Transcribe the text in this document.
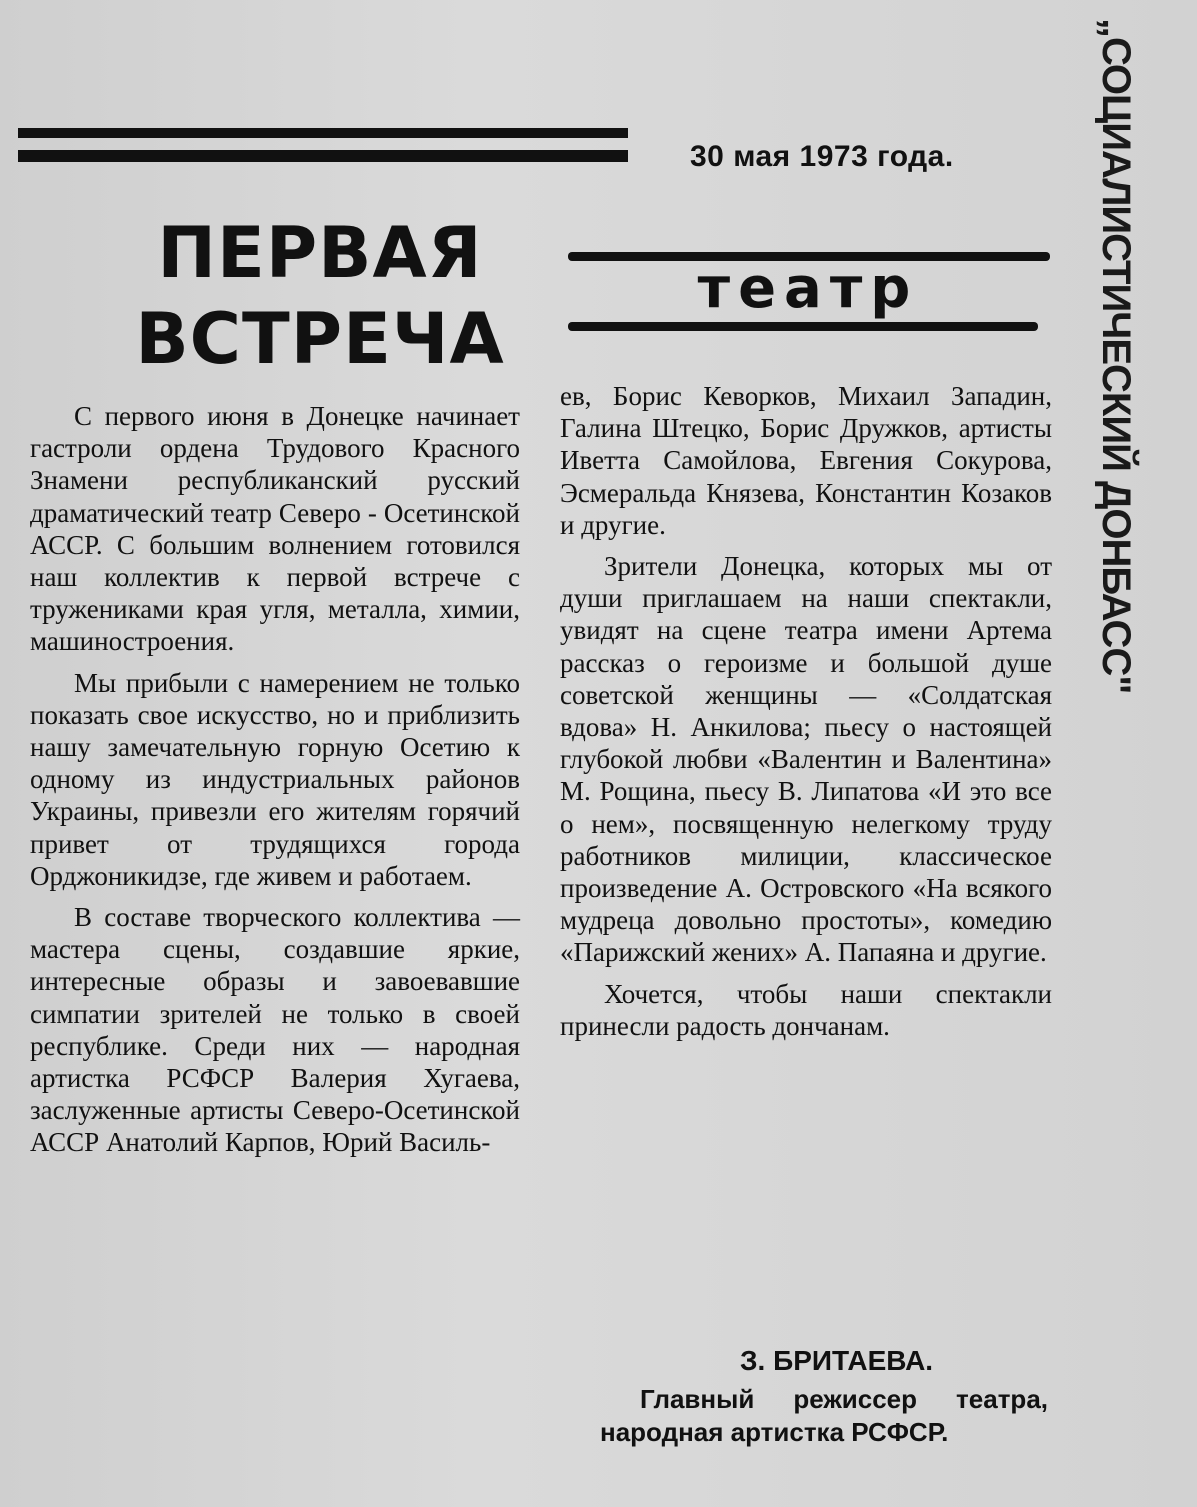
„СОЦИАЛИСТИЧЕСКИЙ ДОНБАСС"
30 мая 1973 года.
ПЕРВАЯ
ВСТРЕЧА
театр

С первого июня в Донецке начинает гастроли ордена Трудового Красного Знамени республиканский русский драматический театр Северо - Осетинской АССР. С большим волнением готовился наш коллектив к первой встрече с тружениками края угля, металла, химии, машиностроения.

Мы прибыли с намерением не только показать свое искусство, но и приблизить нашу замечательную горную Осетию к одному из индустриальных районов Украины, привезли его жителям горячий привет от трудящихся города Орджоникидзе, где живем и работаем.

В составе творческого коллектива — мастера сцены, создавшие яркие, интересные образы и завоевавшие симпатии зрителей не только в своей республике. Среди них — народная артистка РСФСР Валерия Хугаева, заслуженные артисты Северо-Осетинской АССР Анатолий Карпов, Юрий Василь-

ев, Борис Кеворков, Михаил Западин, Галина Штецко, Борис Дружков, артисты Иветта Самойлова, Евгения Сокурова, Эсмеральда Князева, Константин Козаков и другие.

Зрители Донецка, которых мы от души приглашаем на наши спектакли, увидят на сцене театра имени Артема рассказ о героизме и большой душе советской женщины — «Солдатская вдова» Н. Анкилова; пьесу о настоящей глубокой любви «Валентин и Валентина» М. Рощина, пьесу В. Липатова «И это все о нем», посвященную нелегкому труду работников милиции, классическое произведение А. Островского «На всякого мудреца довольно простоты», комедию «Парижский жених» А. Папаяна и другие.

Хочется, чтобы наши спектакли принесли радость дончанам.

З. БРИТАЕВА.
Главный режиссер театра, народная артистка РСФСР.
